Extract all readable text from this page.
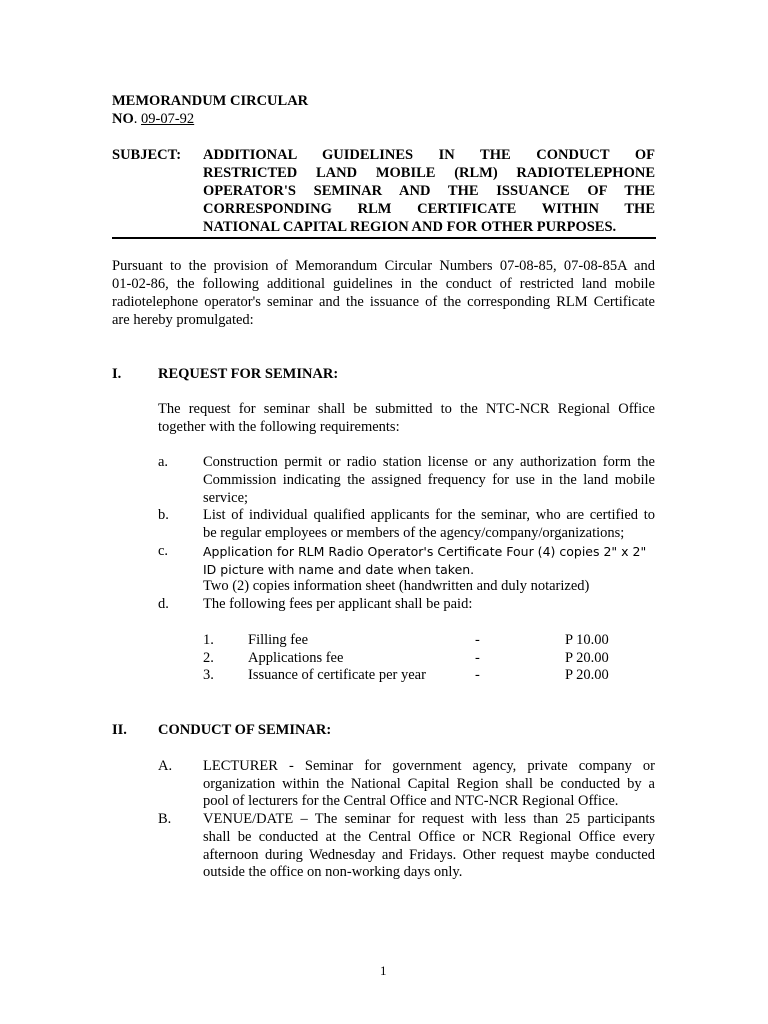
MEMORANDUM CIRCULAR
NO. 09-07-92
SUBJECT: ADDITIONAL GUIDELINES IN THE CONDUCT OF
RESTRICTED LAND MOBILE (RLM) RADIOTELEPHONE
OPERATOR'S SEMINAR AND THE ISSUANCE OF THE
CORRESPONDING RLM CERTIFICATE WITHIN THE
NATIONAL CAPITAL REGION AND FOR OTHER PURPOSES.
Pursuant to the provision of Memorandum Circular Numbers 07-08-85, 07-08-85A and
01-02-86, the following additional guidelines in the conduct of restricted land mobile
radiotelephone operator's seminar and the issuance of the corresponding RLM Certificate
are hereby promulgated:
I.	REQUEST FOR SEMINAR:
The request for seminar shall be submitted to the NTC-NCR Regional Office
together with the following requirements:
a. Construction permit or radio station license or any authorization form the
Commission indicating the assigned frequency for use in the land mobile
service;
b. List of individual qualified applicants for the seminar, who are certified to
be regular employees or members of the agency/company/organizations;
c.	Application for RLM Radio Operator's Certificate Four (4) copies 2" x 2"
ID picture with name and date when taken.
Two (2) copies information sheet (handwritten and duly notarized)
d. The following fees per applicant shall be paid:
1. Filling fee	-	P 10.00
2. Applications fee	-	P 20.00
3. Issuance of certificate per year	-	P 20.00
II. CONDUCT OF SEMINAR:
A. LECTURER - Seminar for government agency, private company or
organization within the National Capital Region shall be conducted by a
pool of lecturers for the Central Office and NTC-NCR Regional Office.
B. VENUE/DATE – The seminar for request with less than 25 participants
shall be conducted at the Central Office or NCR Regional Office every
afternoon during Wednesday and Fridays. Other request maybe conducted
outside the office on non-working days only.
1
